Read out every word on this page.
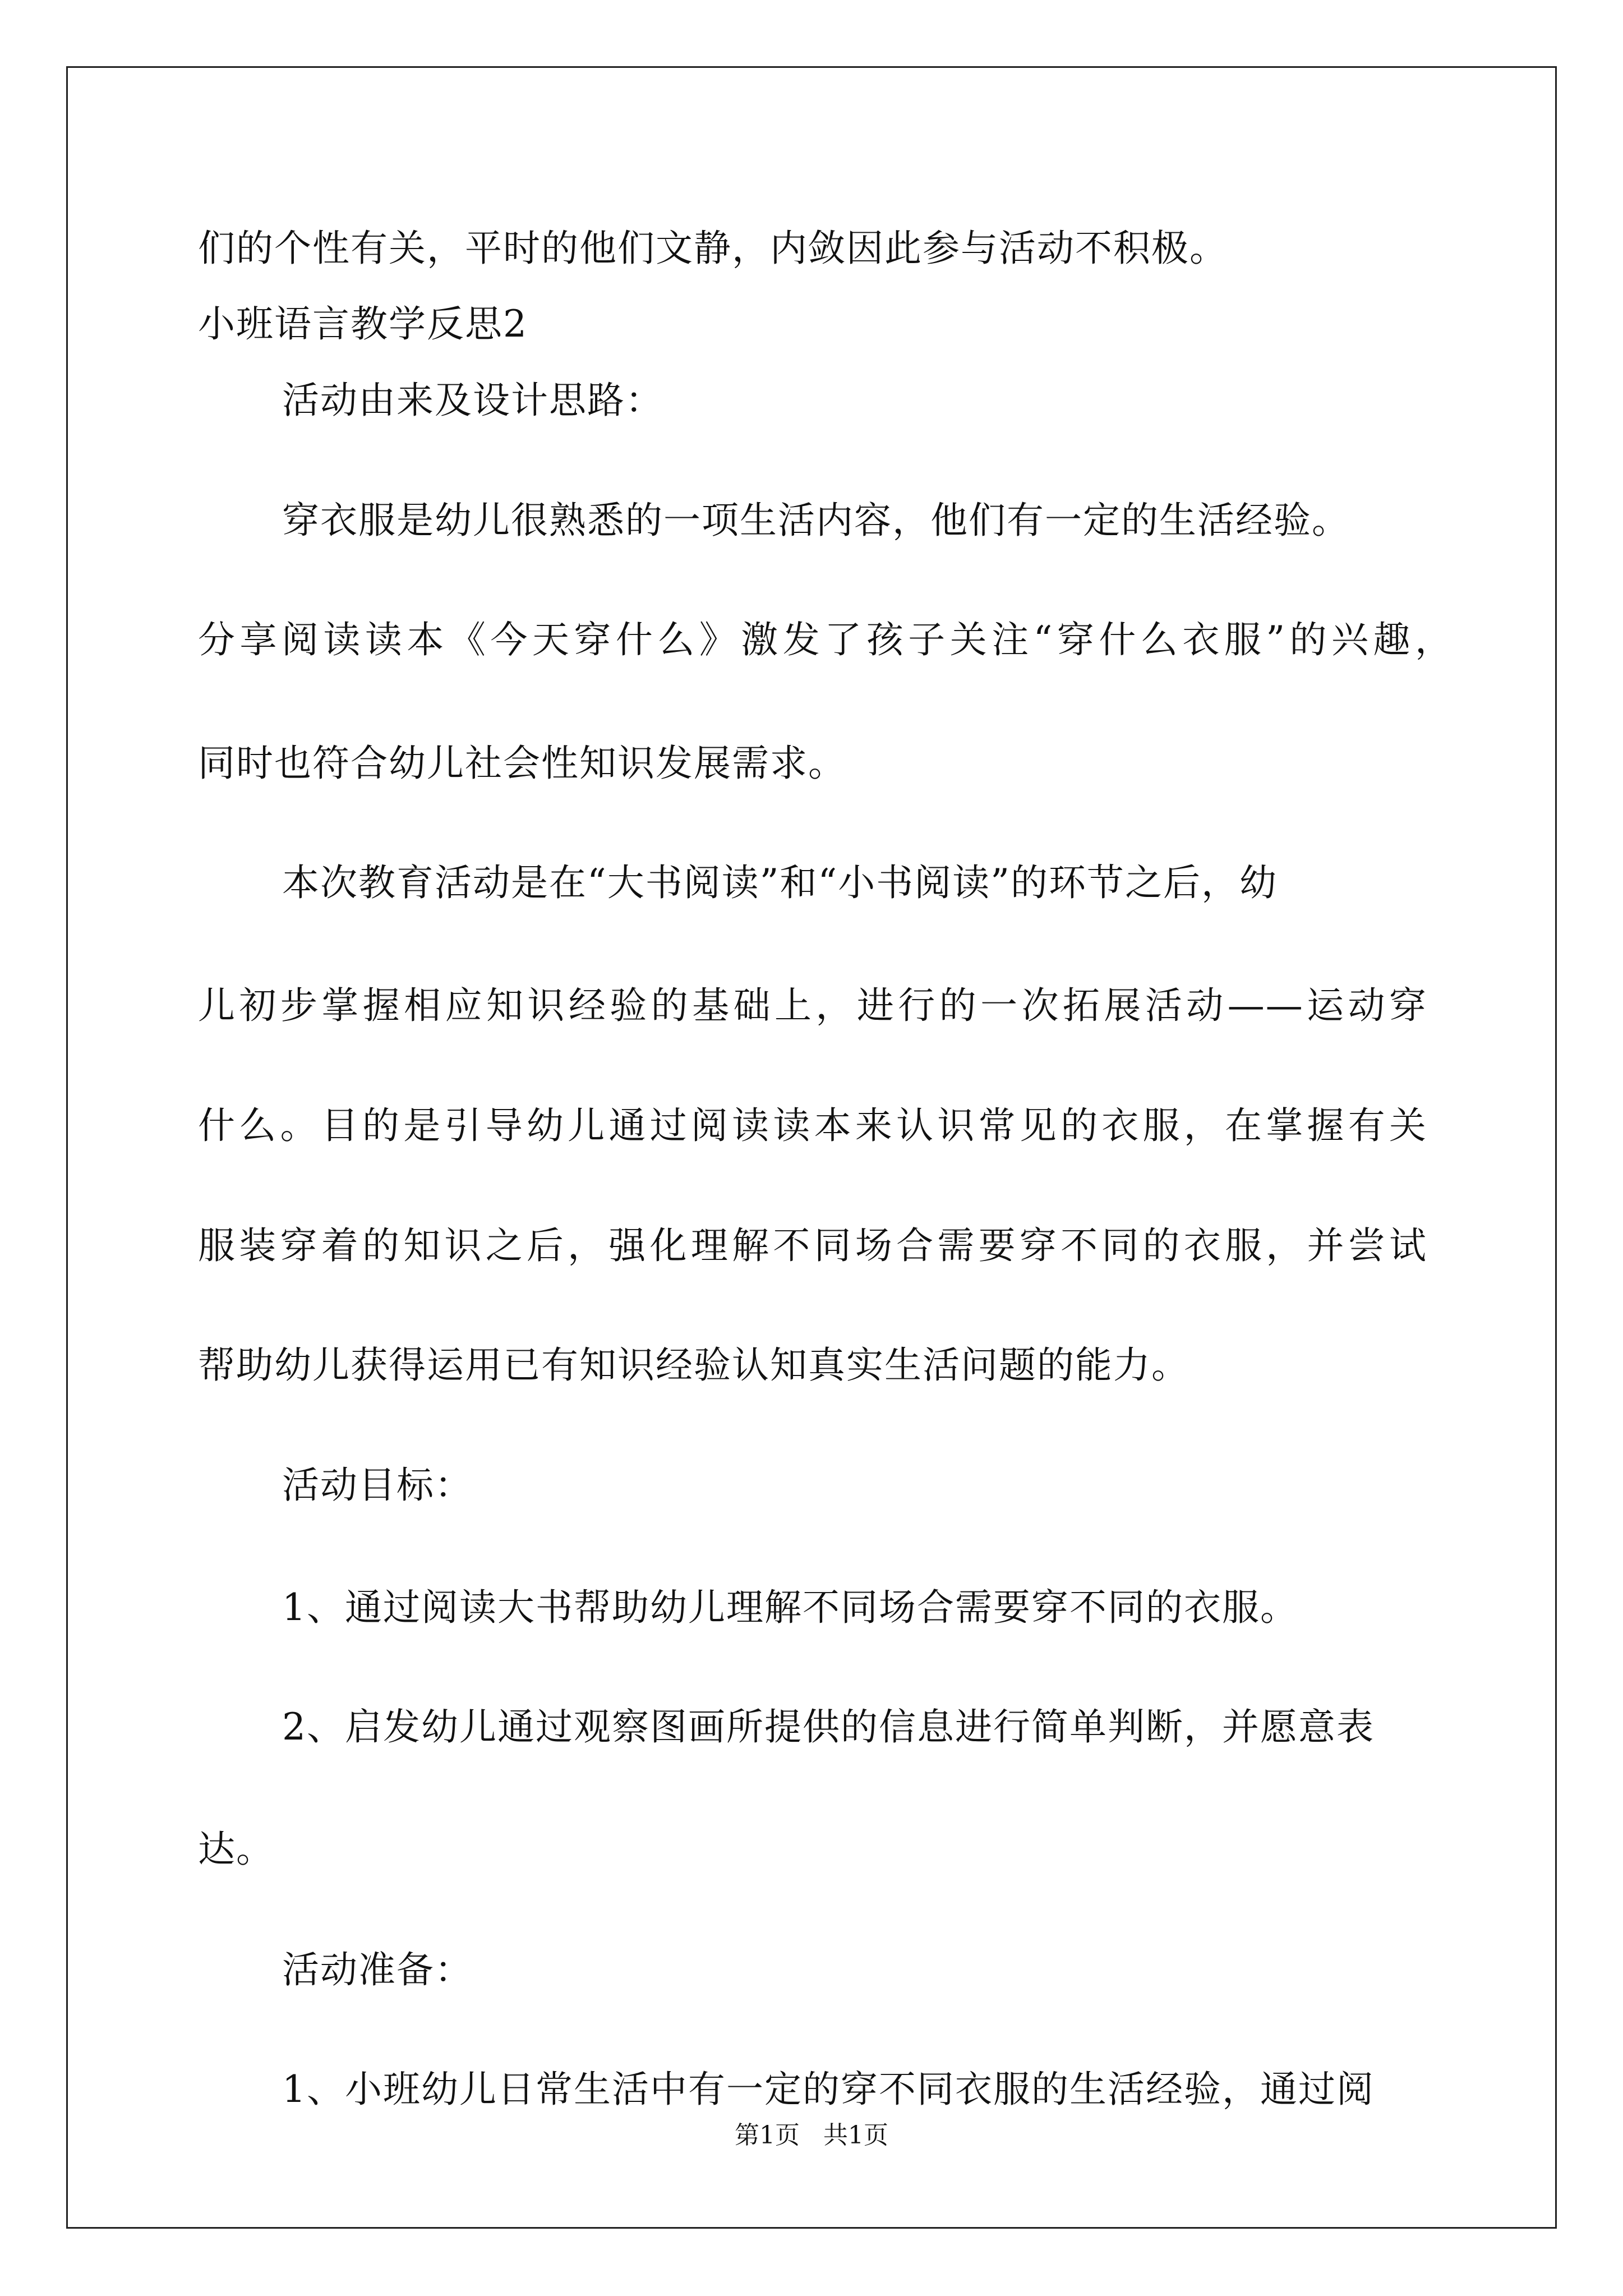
们的个性有关，平时的他们文静，内敛因此参与活动不积极。

小班语言教学反思2

活动由来及设计思路：

穿衣服是幼儿很熟悉的一项生活内容，他们有一定的生活经验。

分享阅读读本《今天穿什么》激发了孩子关注“穿什么衣服”的兴趣，

同时也符合幼儿社会性知识发展需求。

本次教育活动是在“大书阅读”和“小书阅读”的环节之后，幼

儿初步掌握相应知识经验的基础上，进行的一次拓展活动——运动穿

什么。目的是引导幼儿通过阅读读本来认识常见的衣服，在掌握有关

服装穿着的知识之后，强化理解不同场合需要穿不同的衣服，并尝试

帮助幼儿获得运用已有知识经验认知真实生活问题的能力。

活动目标：

1、通过阅读大书帮助幼儿理解不同场合需要穿不同的衣服。

2、启发幼儿通过观察图画所提供的信息进行简单判断，并愿意表

达。

活动准备：

1、小班幼儿日常生活中有一定的穿不同衣服的生活经验，通过阅

第1页   共1页
